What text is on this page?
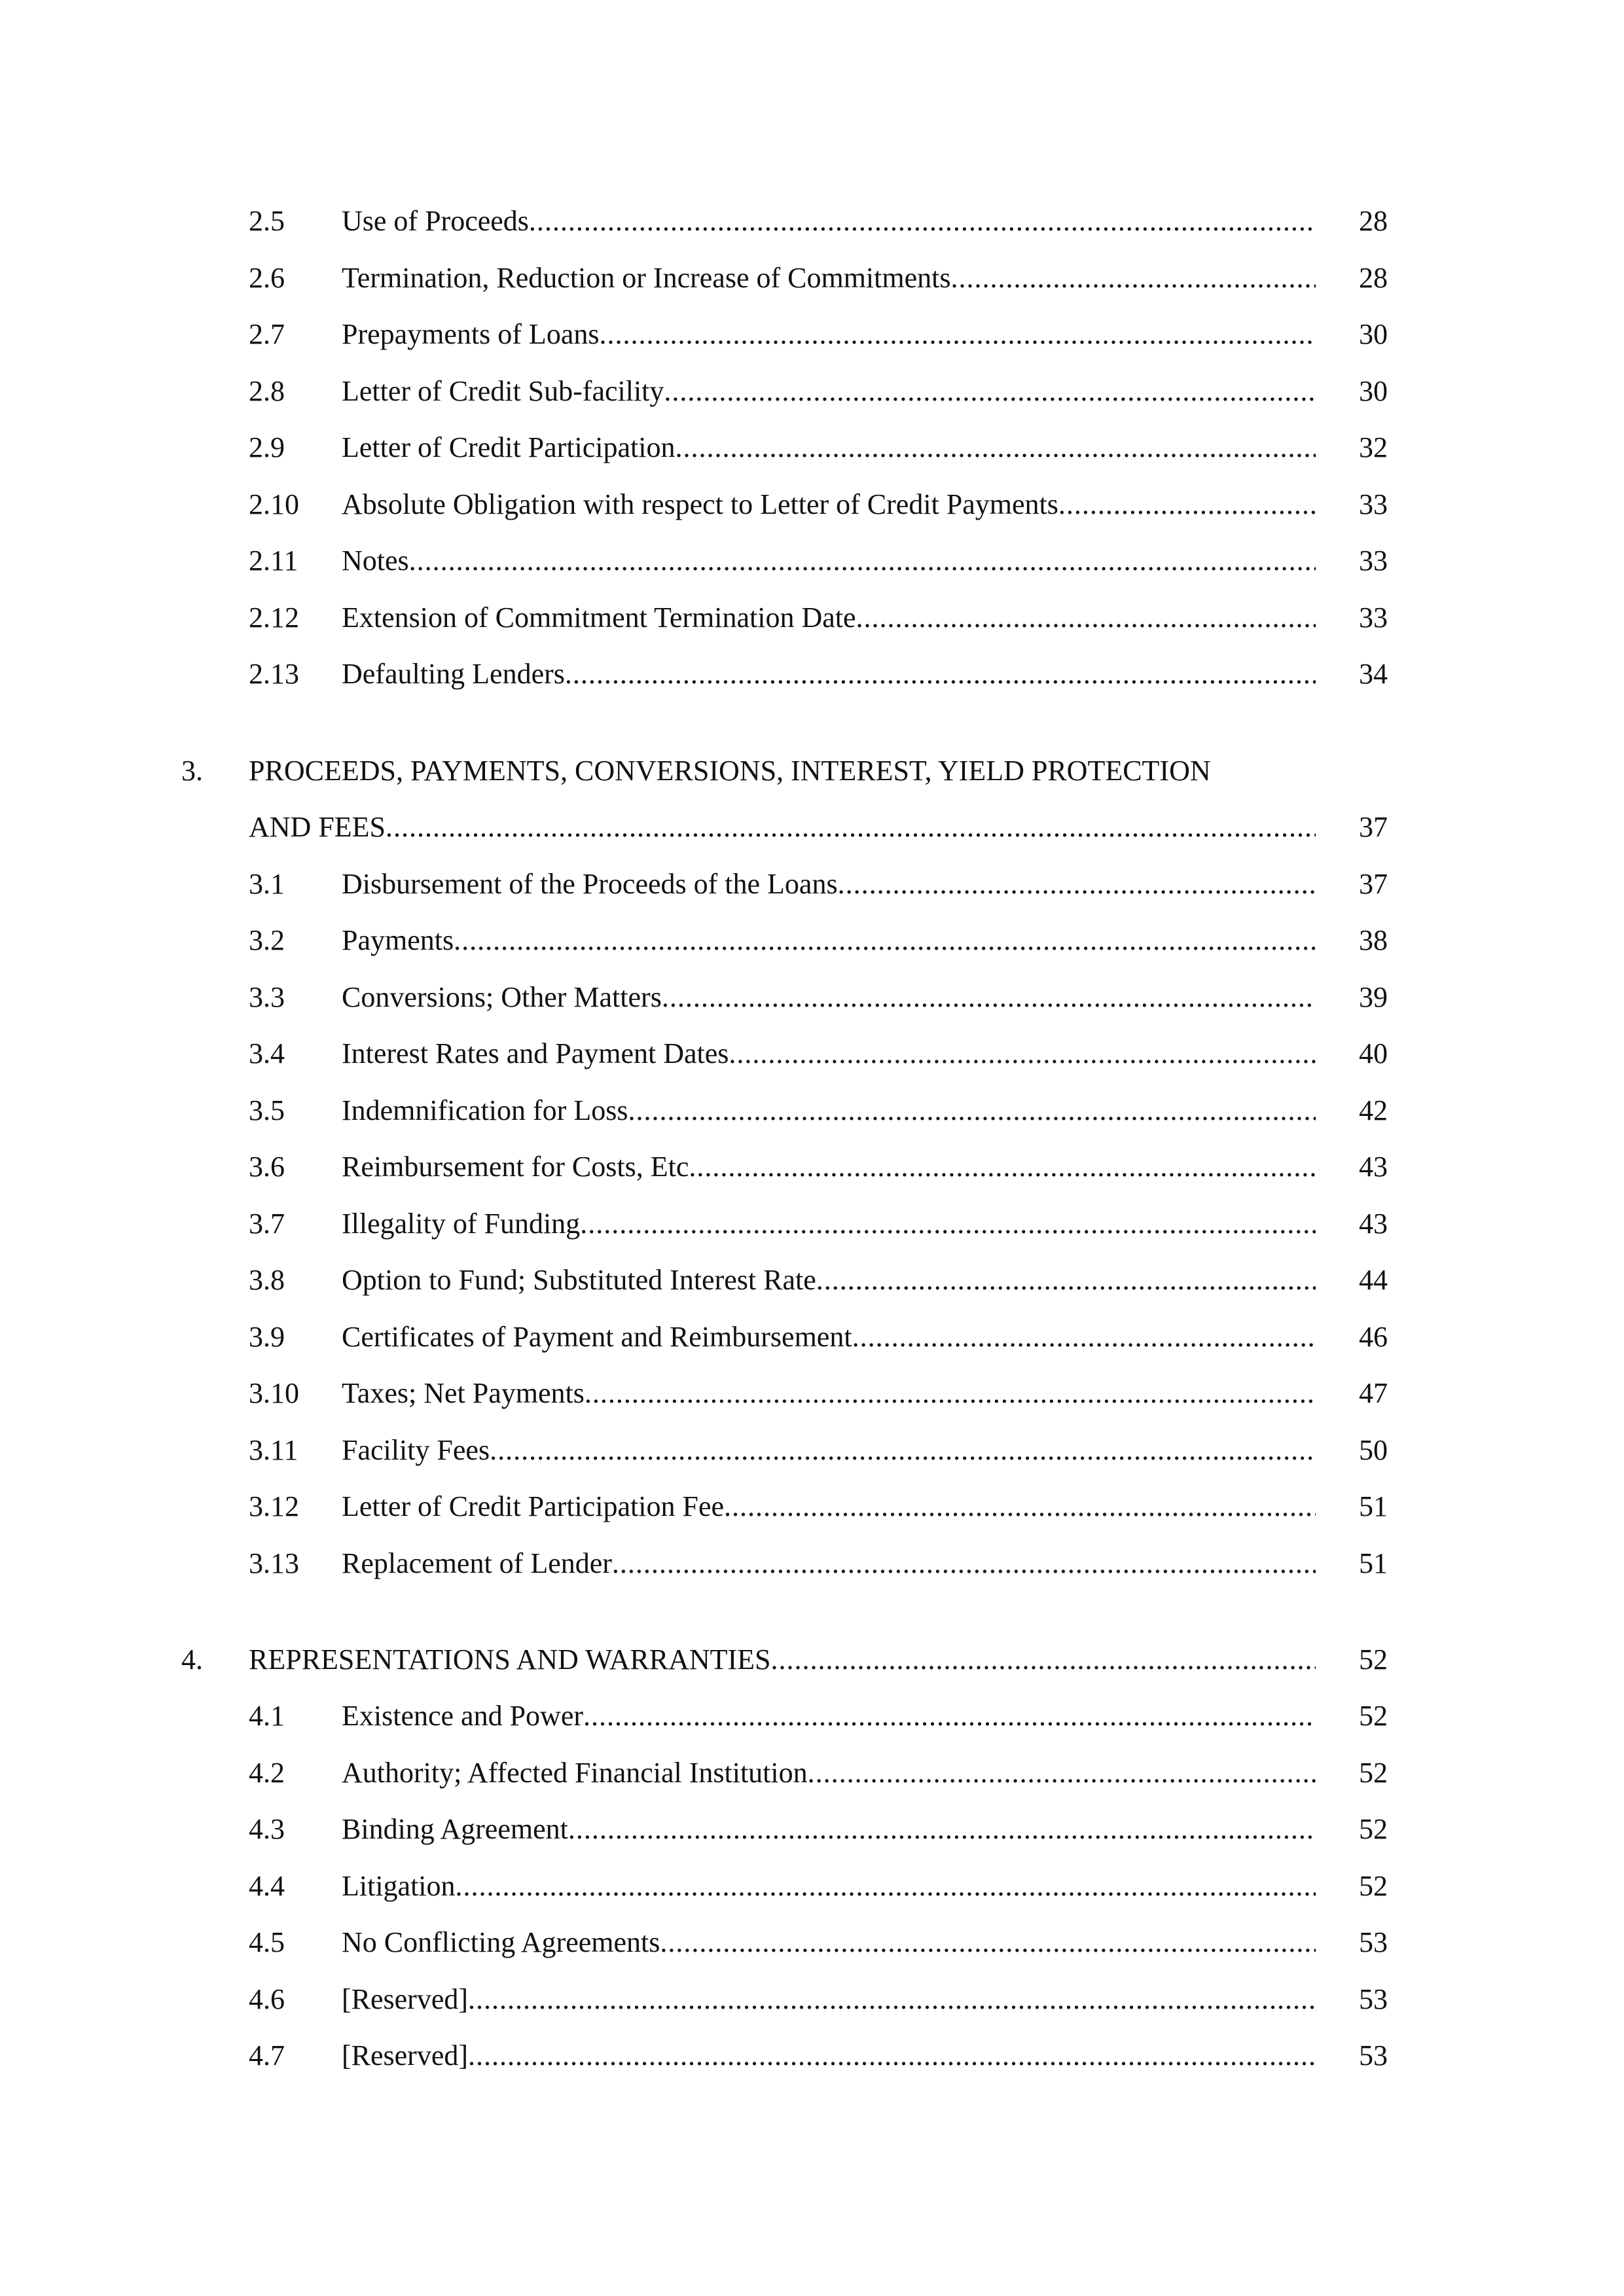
2.5 Use of Proceeds .....	28
2.6 Termination, Reduction or Increase of Commitments .....	28
2.7 Prepayments of Loans .....	30
2.8 Letter of Credit Sub-facility .....	30
2.9 Letter of Credit Participation .....	32
2.10 Absolute Obligation with respect to Letter of Credit Payments .....	33
2.11 Notes .....	33
2.12 Extension of Commitment Termination Date .....	33
2.13 Defaulting Lenders .....	34
3. PROCEEDS, PAYMENTS, CONVERSIONS, INTEREST, YIELD PROTECTION
AND FEES .....	37
3.1 Disbursement of the Proceeds of the Loans .....	37
3.2 Payments .....	38
3.3 Conversions; Other Matters .....	39
3.4 Interest Rates and Payment Dates .....	40
3.5 Indemnification for Loss .....	42
3.6 Reimbursement for Costs, Etc .....	43
3.7 Illegality of Funding .....	43
3.8 Option to Fund; Substituted Interest Rate .....	44
3.9 Certificates of Payment and Reimbursement .....	46
3.10 Taxes; Net Payments .....	47
3.11 Facility Fees .....	50
3.12 Letter of Credit Participation Fee .....	51
3.13 Replacement of Lender .....	51
4. REPRESENTATIONS AND WARRANTIES .....	52
4.1 Existence and Power .....	52
4.2 Authority; Affected Financial Institution .....	52
4.3 Binding Agreement .....	52
4.4 Litigation .....	52
4.5 No Conflicting Agreements .....	53
4.6 [Reserved] .....	53
4.7 [Reserved] .....	53
